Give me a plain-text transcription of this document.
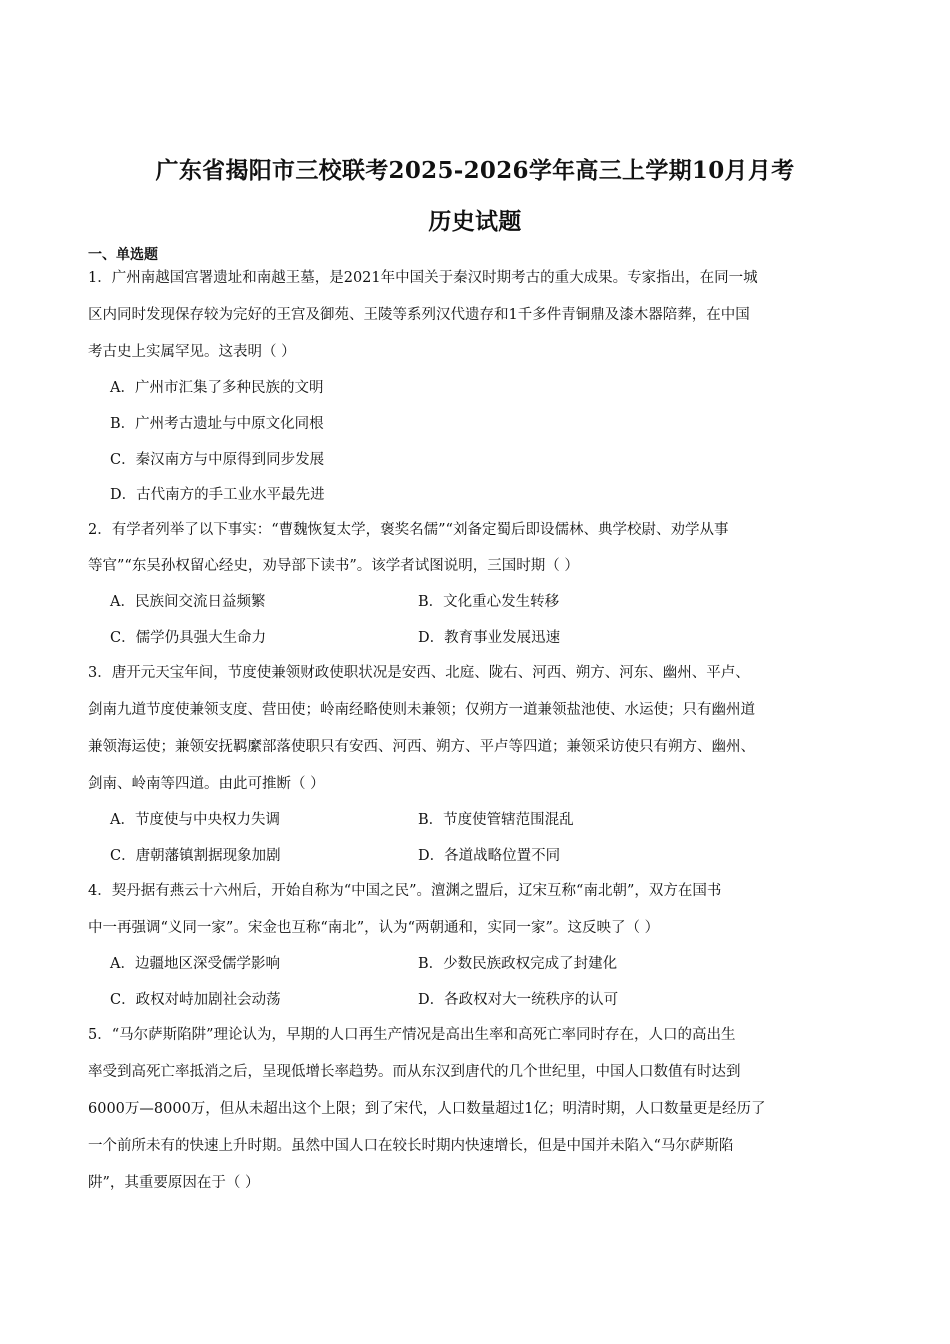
广东省揭阳市三校联考2025-2026学年高三上学期10月月考
历史试题
一、单选题
1．广州南越国宫署遗址和南越王墓，是2021年中国关于秦汉时期考古的重大成果。专家指出，在同一城
区内同时发现保存较为完好的王宫及御苑、王陵等系列汉代遗存和1千多件青铜鼎及漆木器陪葬，在中国
考古史上实属罕见。这表明（ ）
A．广州市汇集了多种民族的文明
B．广州考古遗址与中原文化同根
C．秦汉南方与中原得到同步发展
D．古代南方的手工业水平最先进
2．有学者列举了以下事实：“曹魏恢复太学，褒奖名儒”“刘备定蜀后即设儒林、典学校尉、劝学从事
等官”“东吴孙权留心经史，劝导部下读书”。该学者试图说明，三国时期（ ）
A．民族间交流日益频繁	B．文化重心发生转移
C．儒学仍具强大生命力	D．教育事业发展迅速
3．唐开元天宝年间，节度使兼领财政使职状况是安西、北庭、陇右、河西、朔方、河东、幽州、平卢、
剑南九道节度使兼领支度、营田使；岭南经略使则未兼领；仅朔方一道兼领盐池使、水运使；只有幽州道
兼领海运使；兼领安抚羁縻部落使职只有安西、河西、朔方、平卢等四道；兼领采访使只有朔方、幽州、
剑南、岭南等四道。由此可推断（ ）
A．节度使与中央权力失调	B．节度使管辖范围混乱
C．唐朝藩镇割据现象加剧	D．各道战略位置不同
4．契丹据有燕云十六州后，开始自称为“中国之民”。澶渊之盟后，辽宋互称“南北朝”，双方在国书
中一再强调“义同一家”。宋金也互称“南北”，认为“两朝通和，实同一家”。这反映了（ ）
A．边疆地区深受儒学影响	B．少数民族政权完成了封建化
C．政权对峙加剧社会动荡	D．各政权对大一统秩序的认可
5．“马尔萨斯陷阱”理论认为，早期的人口再生产情况是高出生率和高死亡率同时存在，人口的高出生
率受到高死亡率抵消之后，呈现低增长率趋势。而从东汉到唐代的几个世纪里，中国人口数值有时达到
6000万—8000万，但从未超出这个上限；到了宋代，人口数量超过1亿；明清时期，人口数量更是经历了
一个前所未有的快速上升时期。虽然中国人口在较长时期内快速增长，但是中国并未陷入“马尔萨斯陷
阱”，其重要原因在于（ ）
